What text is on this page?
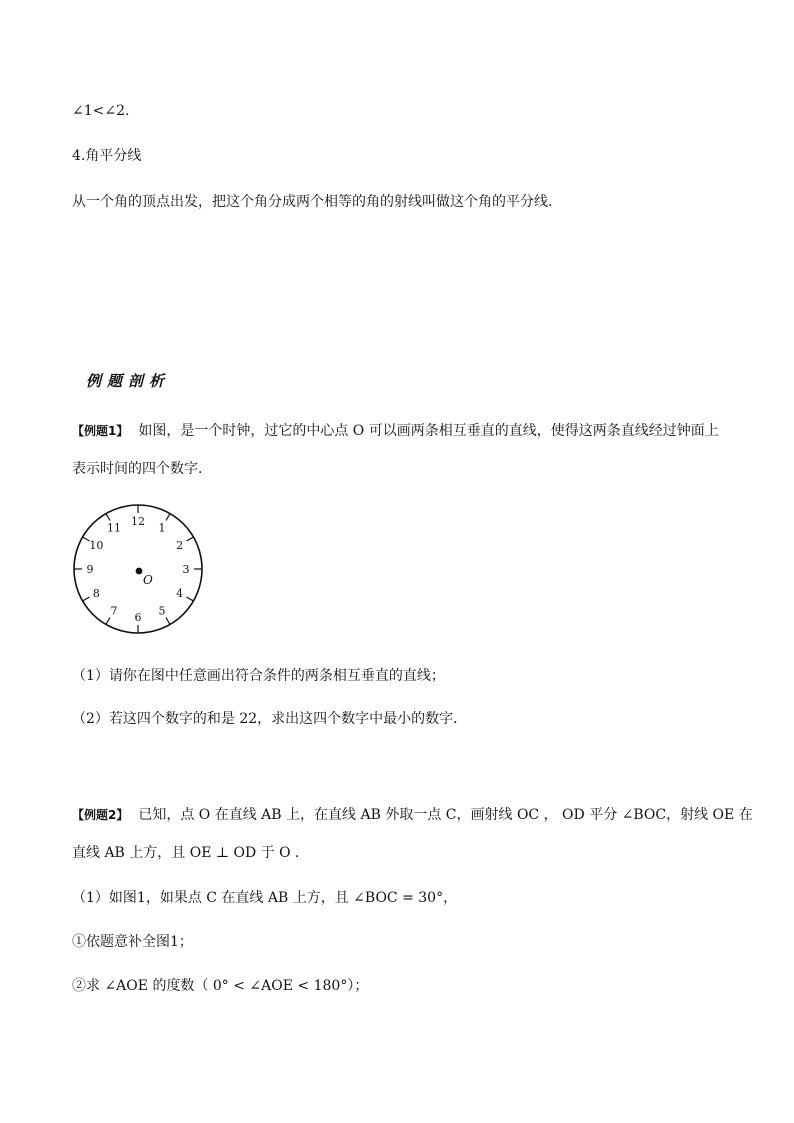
∠1<∠2.
4.角平分线
从一个角的顶点出发，把这个角分成两个相等的角的射线叫做这个角的平分线.
例题剖析
【例题1】 如图，是一个时钟，过它的中心点 O 可以画两条相互垂直的直线，使得这两条直线经过钟面上
表示时间的四个数字．
12 1
2
3
4
5
6
7
8
9
10
11
O
（1）请你在图中任意画出符合条件的两条相互垂直的直线；
（2）若这四个数字的和是 22，求出这四个数字中最小的数字．
【例题2】 已知，点 O 在直线 AB 上，在直线 AB 外取一点 C，画射线 OC ， OD 平分 ∠BOC，射线 OE 在
直线 AB 上方，且 OE ⊥ OD 于 O ．
（1）如图1，如果点 C 在直线 AB 上方，且 ∠BOC = 30°，
①依题意补全图1；
②求 ∠AOE 的度数（ 0° < ∠AOE < 180°）；
